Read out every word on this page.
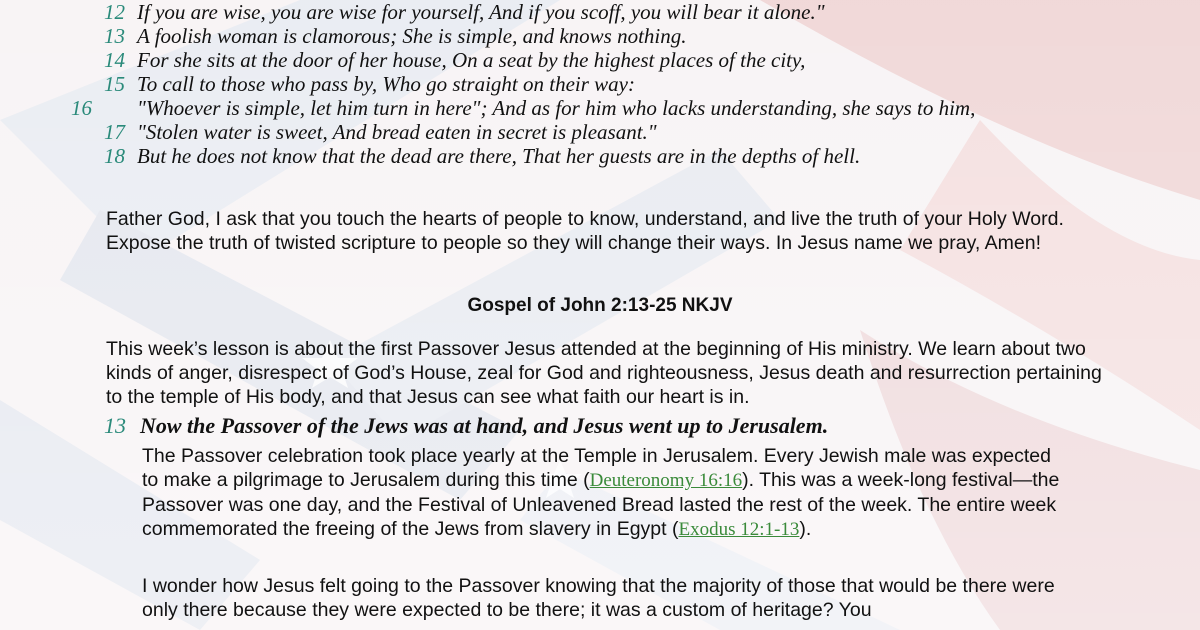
12 If you are wise, you are wise for yourself, And if you scoff, you will bear it alone."
13 A foolish woman is clamorous; She is simple, and knows nothing.
14 For she sits at the door of her house, On a seat by the highest places of the city,
15 To call to those who pass by, Who go straight on their way:
16 "Whoever is simple, let him turn in here"; And as for him who lacks understanding, she says to him,
17 "Stolen water is sweet, And bread eaten in secret is pleasant."
18 But he does not know that the dead are there, That her guests are in the depths of hell.
Father God, I ask that you touch the hearts of people to know, understand, and live the truth of your Holy Word. Expose the truth of twisted scripture to people so they will change their ways. In Jesus name we pray, Amen!
Gospel of John 2:13-25 NKJV
This week’s lesson is about the first Passover Jesus attended at the beginning of His ministry. We learn about two kinds of anger, disrespect of God’s House, zeal for God and righteousness, Jesus death and resurrection pertaining to the temple of His body, and that Jesus can see what faith our heart is in.
13 Now the Passover of the Jews was at hand, and Jesus went up to Jerusalem.
The Passover celebration took place yearly at the Temple in Jerusalem. Every Jewish male was expected to make a pilgrimage to Jerusalem during this time (Deuteronomy 16:16). This was a week-long festival—the Passover was one day, and the Festival of Unleavened Bread lasted the rest of the week. The entire week commemorated the freeing of the Jews from slavery in Egypt (Exodus 12:1-13).
I wonder how Jesus felt going to the Passover knowing that the majority of those that would be there were only there because they were expected to be there; it was a custom of heritage? You
